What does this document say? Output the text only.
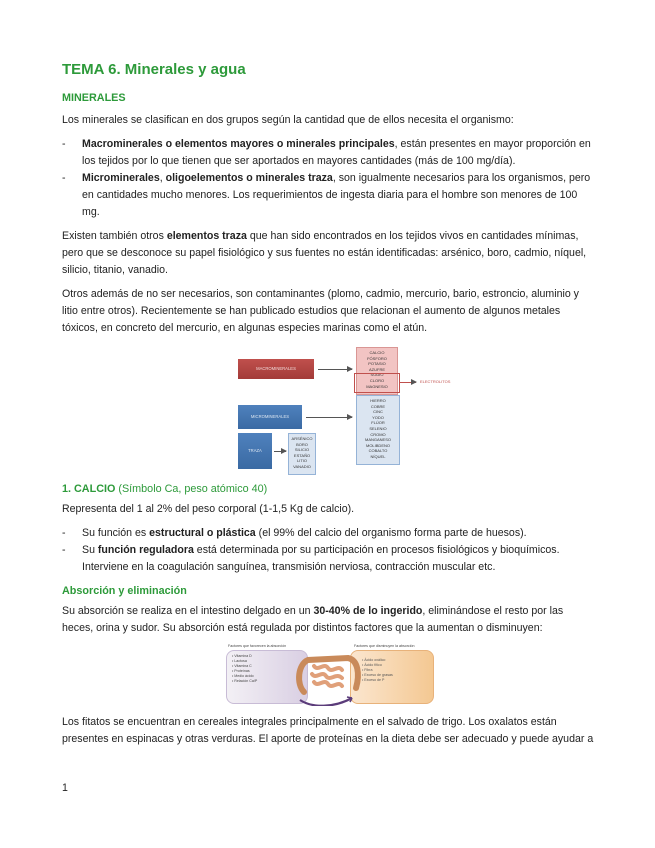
TEMA 6. Minerales y agua
MINERALES

Los minerales se clasifican en dos grupos según la cantidad que de ellos necesita el organismo:

- Macrominerales o elementos mayores o minerales principales, están presentes en mayor proporción en los tejidos por lo que tienen que ser aportados en mayores cantidades (más de 100 mg/día).
- Microminerales, oligoelementos o minerales traza, son igualmente necesarios para los organismos, pero en cantidades mucho menores. Los requerimientos de ingesta diaria para el hombre son menores de 100 mg.

Existen también otros elementos traza que han sido encontrados en los tejidos vivos en cantidades mínimas, pero que se desconoce su papel fisiológico y sus fuentes no están identificadas: arsénico, boro, cadmio, níquel, silicio, titanio, vanadio.

Otros además de no ser necesarios, son contaminantes (plomo, cadmio, mercurio, bario, estroncio, aluminio y litio entre otros). Recientemente se han publicado estudios que relacionan el aumento de algunos metales tóxicos, en concreto del mercurio, en algunas especies marinas como el atún.

MACROMINERALES
CALCIO
FÓSFORO
POTASIO
AZUFRE
SODIO
CLORO
MAGNESIO
ELECTROLITOS
MICROMINERALES
HIERRO
COBRE
CINC
YODO
FLÚOR
SELENIO
CROMO
MANGANESO
MOLIBDENO
COBALTO
NÍQUEL
TRAZA
ARSÉNICO
BORO
SILICIO
ESTAÑO
LITIO
VANADIO
1. CALCIO (Símbolo Ca, peso atómico 40)

Representa del 1 al 2% del peso corporal (1-1,5 Kg de calcio).

- Su función es estructural o plástica (el 99% del calcio del organismo forma parte de huesos).
- Su función reguladora está determinada por su participación en procesos fisiológicos y bioquímicos. Interviene en la coagulación sanguínea, transmisión nerviosa, contracción muscular etc.
Absorción y eliminación

Su absorción se realiza en el intestino delgado en un 30-40% de lo ingerido, eliminándose el resto por las heces, orina y sudor. Su absorción está regulada por distintos factores que la aumentan o disminuyen:

Factores que favorecen la absorción
• Vitamina D
• Lactosa
• Vitamina C
• Proteínas
• Medio ácido
• Relación Ca/P
Factores que disminuyen la absorción
• Ácido oxálico
• Ácido fítico
• Fibra
• Exceso de grasas
• Exceso de P

Los fitatos se encuentran en cereales integrales principalmente en el salvado de trigo. Los oxalatos están presentes en espinacas y otras verduras. El aporte de proteínas en la dieta debe ser adecuado y puede ayudar a

1
